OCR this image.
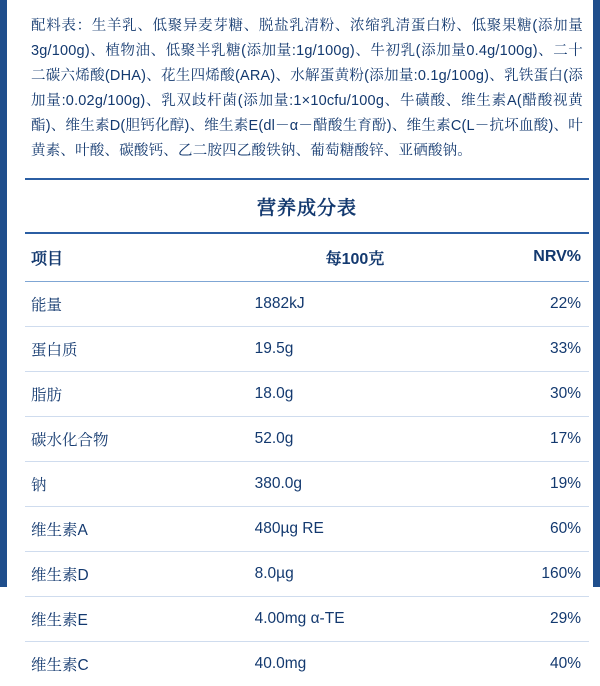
配料表：生羊乳、低聚异麦芽糖、脱盐乳清粉、浓缩乳清蛋白粉、低聚果糖(添加量3g/100g)、植物油、低聚半乳糖(添加量:1g/100g)、牛初乳(添加量0.4g/100g)、二十二碳六烯酸(DHA)、花生四烯酸(ARA)、水解蛋黄粉(添加量:0.1g/100g)、乳铁蛋白(添加量:0.02g/100g)、乳双歧杆菌(添加量:1×10cfu/100g、牛磺酸、维生素A(醋酸视黄酯)、维生素D(胆钙化醇)、维生素E(dl－α－醋酸生育酚)、维生素C(L－抗坏血酸)、叶黄素、叶酸、碳酸钙、乙二胺四乙酸铁钠、葡萄糖酸锌、亚硒酸钠。
营养成分表
项目	每100克	NRV%
能量	1882kJ	22%
蛋白质	19.5g	33%
脂肪	18.0g	30%
碳水化合物	52.0g	17%
钠	380.0g	19%
维生素A	480µg RE	60%
维生素D	8.0µg	160%
维生素E	4.00mg α-TE	29%
维生素C	40.0mg	40%
